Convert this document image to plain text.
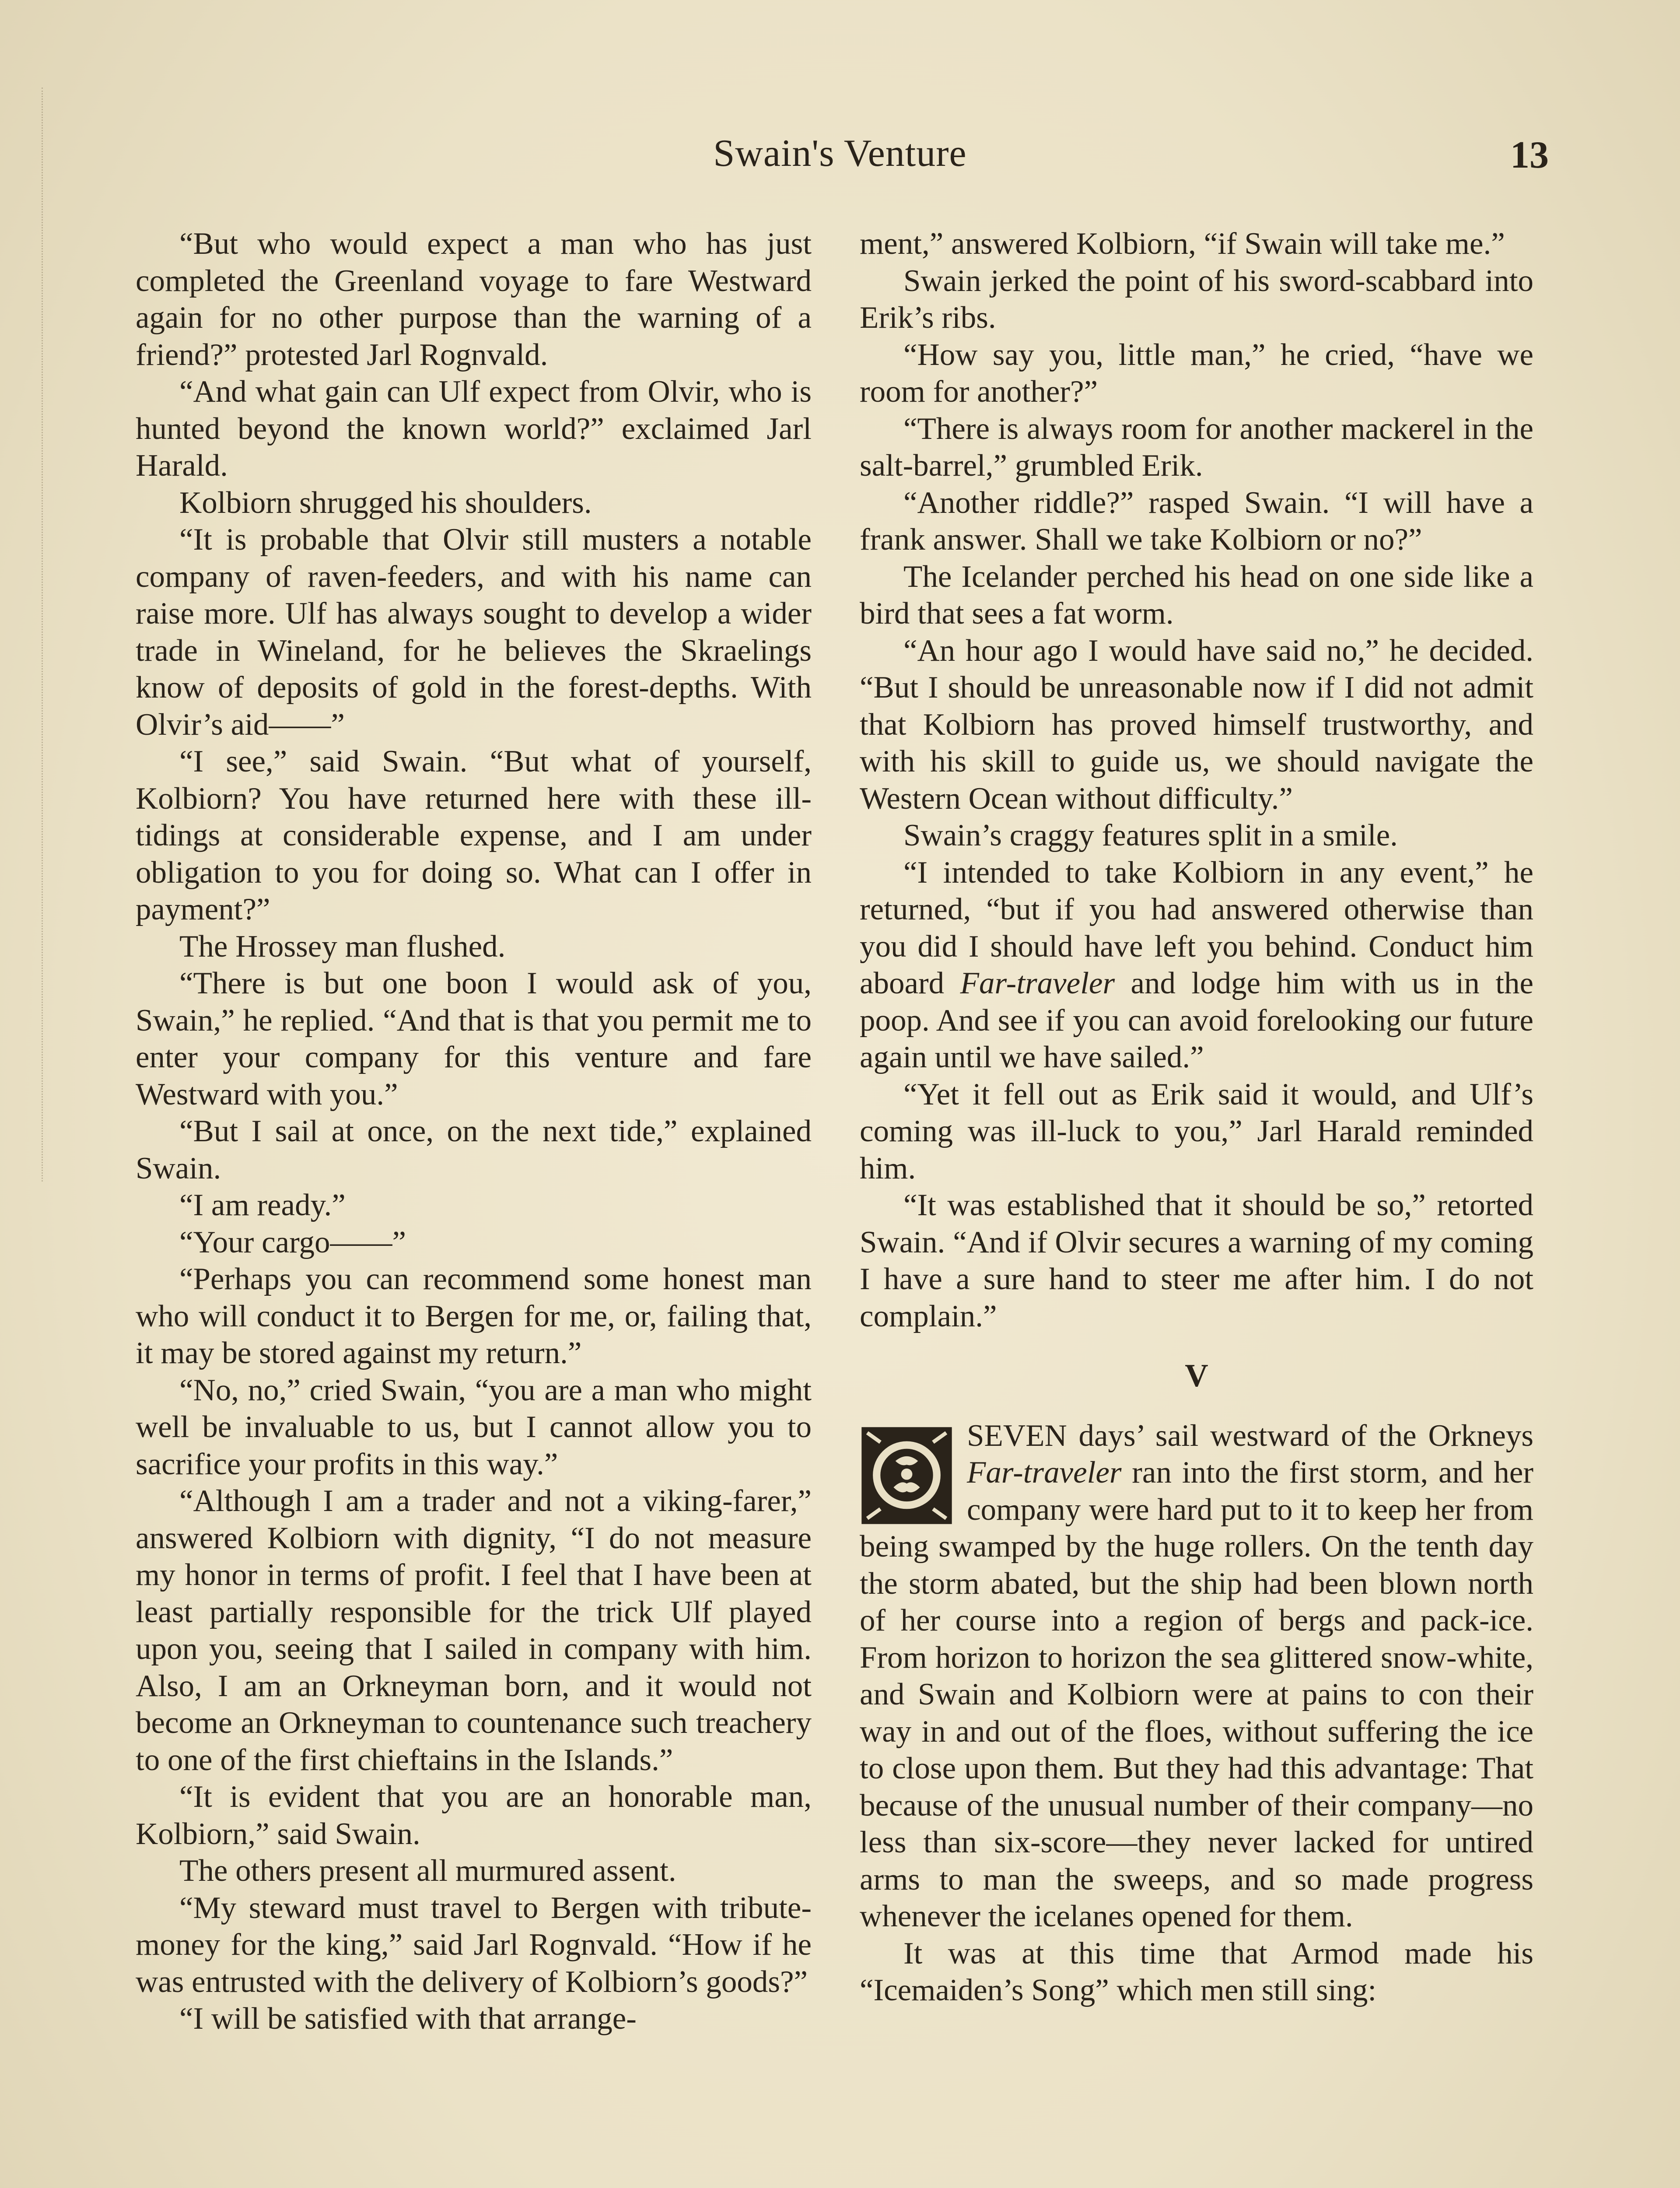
Swain's Venture	13

“But who would expect a man who has just completed the Greenland voyage to fare Westward again for no other purpose than the warning of a friend?” protested Jarl Rognvald.

“And what gain can Ulf expect from Olvir, who is hunted beyond the known world?” exclaimed Jarl Harald.

Kolbiorn shrugged his shoulders.

“It is probable that Olvir still musters a notable company of raven-feeders, and with his name can raise more. Ulf has always sought to develop a wider trade in Wineland, for he believes the Skraelings know of deposits of gold in the forest-depths. With Olvir’s aid——”

“I see,” said Swain. “But what of yourself, Kolbiorn? You have returned here with these ill-tidings at considerable expense, and I am under obligation to you for doing so. What can I offer in payment?”

The Hrossey man flushed.

“There is but one boon I would ask of you, Swain,” he replied. “And that is that you permit me to enter your company for this venture and fare Westward with you.”

“But I sail at once, on the next tide,” explained Swain.

“I am ready.”

“Your cargo——”

“Perhaps you can recommend some honest man who will conduct it to Bergen for me, or, failing that, it may be stored against my return.”

“No, no,” cried Swain, “you are a man who might well be invaluable to us, but I cannot allow you to sacrifice your profits in this way.”

“Although I am a trader and not a viking-farer,” answered Kolbiorn with dignity, “I do not measure my honor in terms of profit. I feel that I have been at least partially responsible for the trick Ulf played upon you, seeing that I sailed in company with him. Also, I am an Orkneyman born, and it would not become an Orkneyman to countenance such treachery to one of the first chieftains in the Islands.”

“It is evident that you are an honorable man, Kolbiorn,” said Swain.

The others present all murmured assent.

“My steward must travel to Bergen with tribute-money for the king,” said Jarl Rognvald. “How if he was entrusted with the delivery of Kolbiorn’s goods?”

“I will be satisfied with that arrange-

ment,” answered Kolbiorn, “if Swain will take me.”

Swain jerked the point of his sword-scabbard into Erik’s ribs.

“How say you, little man,” he cried, “have we room for another?”

“There is always room for another mackerel in the salt-barrel,” grumbled Erik.

“Another riddle?” rasped Swain. “I will have a frank answer. Shall we take Kolbiorn or no?”

The Icelander perched his head on one side like a bird that sees a fat worm.

“An hour ago I would have said no,” he decided. “But I should be unreasonable now if I did not admit that Kolbiorn has proved himself trustworthy, and with his skill to guide us, we should navigate the Western Ocean without difficulty.”

Swain’s craggy features split in a smile.

“I intended to take Kolbiorn in any event,” he returned, “but if you had answered otherwise than you did I should have left you behind. Conduct him aboard Far-traveler and lodge him with us in the poop. And see if you can avoid forelooking our future again until we have sailed.”

“Yet it fell out as Erik said it would, and Ulf’s coming was ill-luck to you,” Jarl Harald reminded him.

“It was established that it should be so,” retorted Swain. “And if Olvir secures a warning of my coming I have a sure hand to steer me after him. I do not complain.”

V

SEVEN days’ sail westward of the Orkneys Far-traveler ran into the first storm, and her company were hard put to it to keep her from being swamped by the huge rollers. On the tenth day the storm abated, but the ship had been blown north of her course into a region of bergs and pack-ice. From horizon to horizon the sea glittered snow-white, and Swain and Kolbiorn were at pains to con their way in and out of the floes, without suffering the ice to close upon them. But they had this advantage: That because of the unusual number of their company—no less than six-score—they never lacked for untired arms to man the sweeps, and so made progress whenever the icelanes opened for them.

It was at this time that Armod made his “Icemaiden’s Song” which men still sing:
